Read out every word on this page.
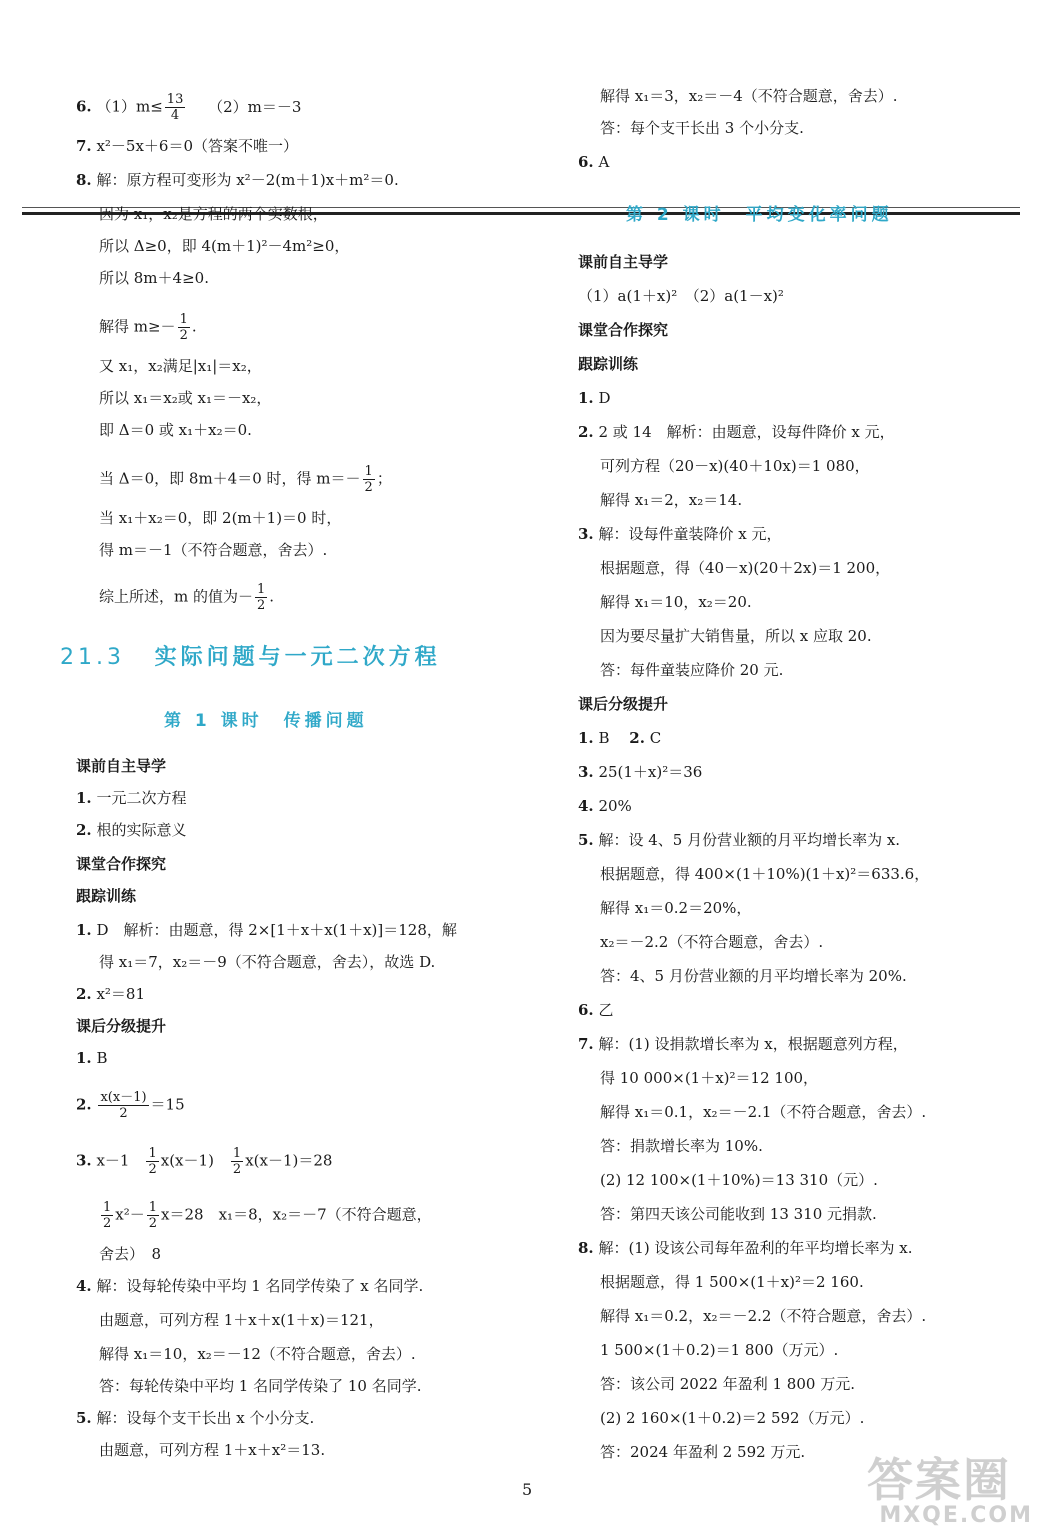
6. $(1)m\le \frac{13}{4} (2)m=-3$
7. x²－5x＋6＝0（答案不唯一）
8. 解：原方程可变形为 x²－2(m＋1)x＋m²＝0.
因为 x₁，x₂是方程的两个实数根，
所以 Δ≥0，即 4(m＋1)²－4m²≥0，
所以 8m＋4≥0.
解得 $m\ge- \frac{1}{2}$ .
又 x₁，x₂满足|x₁|＝x₂，
所以 x₁＝x₂或 x₁＝－x₂，
即 Δ＝0 或 x₁＋x₂＝0.
当 Δ＝0，即 8m＋4＝0 时，得 $m=- \frac{1}{2}$ ；
当 x₁＋x₂＝0，即 2(m＋1)＝0 时，
得 m＝－1（不符合题意，舍去）.
综上所述，m 的值为－ $\frac{1}{2}$ .
21.3 实际问题与一元二次方程
第 1 课时　传播问题
课前自主导学
1. 一元二次方程
2. 根的实际意义
课堂合作探究
跟踪训练
1. D　解析：由题意，得 2×[1＋x＋x(1＋x)]＝128，解
得 x₁＝7，x₂＝－9（不符合题意，舍去），故选 D.
2. x²＝81
课后分级提升
1. B
2. $\frac{x(x-1)}{2} =15$
3. x－1　 $\frac{1}{2} x(x-1)$　 $\frac{1}{2} x(x-1)=28$
$\frac{1}{2} x^2- \frac{1}{2} x=28$　x₁＝8，x₂＝－7（不符合题意，
舍去）　8
4. 解：设每轮传染中平均 1 名同学传染了 x 名同学.
由题意，可列方程 1＋x＋x(1＋x)＝121，
解得 x₁＝10，x₂＝－12（不符合题意，舍去）.
答：每轮传染中平均 1 名同学传染了 10 名同学.
5. 解：设每个支干长出 x 个小分支.
由题意，可列方程 1＋x＋x²＝13.
解得 x₁＝3，x₂＝－4（不符合题意，舍去）.
答：每个支干长出 3 个小分支.
6. A
第 2 课时　平均变化率问题
课前自主导学
（1）a(1＋x)²　（2）a(1－x)²
课堂合作探究
跟踪训练
1. D
2. 2 或 14　解析：由题意，设每件降价 x 元，
可列方程（20－x)(40＋10x)＝1 080，
解得 x₁＝2，x₂＝14.
3. 解：设每件童装降价 x 元，
根据题意，得（40－x)(20＋2x)＝1 200，
解得 x₁＝10，x₂＝20.
因为要尽量扩大销售量，所以 x 应取 20.
答：每件童装应降价 20 元.
课后分级提升
1. B　 2. C
3. 25(1＋x)²＝36
4. 20%
5. 解：设 4、5 月份营业额的月平均增长率为 x.
根据题意，得 400×(1＋10%)(1＋x)²＝633.6，
解得 x₁＝0.2＝20%，
x₂＝－2.2（不符合题意，舍去）.
答：4、5 月份营业额的月平均增长率为 20%.
6. 乙
7. 解：(1) 设捐款增长率为 x，根据题意列方程，
得 10 000×(1＋x)²＝12 100，
解得 x₁＝0.1，x₂＝－2.1（不符合题意，舍去）.
答：捐款增长率为 10%.
(2) 12 100×(1＋10%)＝13 310（元）.
答：第四天该公司能收到 13 310 元捐款.
8. 解：(1) 设该公司每年盈利的年平均增长率为 x.
根据题意，得 1 500×(1＋x)²＝2 160.
解得 x₁＝0.2，x₂＝－2.2（不符合题意，舍去）.
1 500×(1＋0.2)＝1 800（万元）.
答：该公司 2022 年盈利 1 800 万元.
(2) 2 160×(1＋0.2)＝2 592（万元）.
答：2024 年盈利 2 592 万元.
5	答案圈
MXQE.COM
